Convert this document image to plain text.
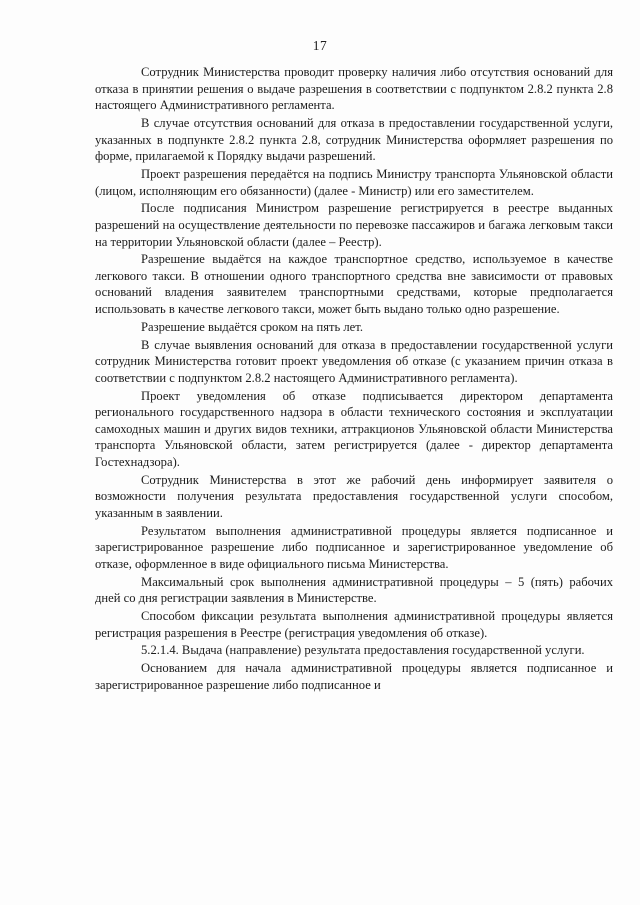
17

Сотрудник Министерства проводит проверку наличия либо отсутствия оснований для отказа в принятии решения о выдаче разрешения в соответствии с подпунктом 2.8.2 пункта 2.8 настоящего Административного регламента.

В случае отсутствия оснований для отказа в предоставлении государственной услуги, указанных в подпункте 2.8.2 пункта 2.8, сотрудник Министерства оформляет разрешения по форме, прилагаемой к Порядку выдачи разрешений.

Проект разрешения передаётся на подпись Министру транспорта Ульяновской области (лицом, исполняющим его обязанности) (далее - Министр) или его заместителем.

После подписания Министром разрешение регистрируется в реестре выданных разрешений на осуществление деятельности по перевозке пассажиров и багажа легковым такси на территории Ульяновской области (далее – Реестр).

Разрешение выдаётся на каждое транспортное средство, используемое в качестве легкового такси. В отношении одного транспортного средства вне зависимости от правовых оснований владения заявителем транспортными средствами, которые предполагается использовать в качестве легкового такси, может быть выдано только одно разрешение.

Разрешение выдаётся сроком на пять лет.

В случае выявления оснований для отказа в предоставлении государственной услуги сотрудник Министерства готовит проект уведомления об отказе (с указанием причин отказа в соответствии с подпунктом 2.8.2 настоящего Административного регламента).

Проект уведомления об отказе подписывается директором департамента регионального государственного надзора в области технического состояния и эксплуатации самоходных машин и других видов техники, аттракционов Ульяновской области Министерства транспорта Ульяновской области, затем регистрируется (далее - директор департамента Гостехнадзора).

Сотрудник Министерства в этот же рабочий день информирует заявителя о возможности получения результата предоставления государственной услуги способом, указанным в заявлении.

Результатом выполнения административной процедуры является подписанное и зарегистрированное разрешение либо подписанное и зарегистрированное уведомление об отказе, оформленное в виде официального письма Министерства.

Максимальный срок выполнения административной процедуры – 5 (пять) рабочих дней со дня регистрации заявления в Министерстве.

Способом фиксации результата выполнения административной процедуры является регистрация разрешения в Реестре (регистрация уведомления об отказе).

5.2.1.4. Выдача (направление) результата предоставления государственной услуги.

Основанием для начала административной процедуры является подписанное и зарегистрированное разрешение либо подписанное и
